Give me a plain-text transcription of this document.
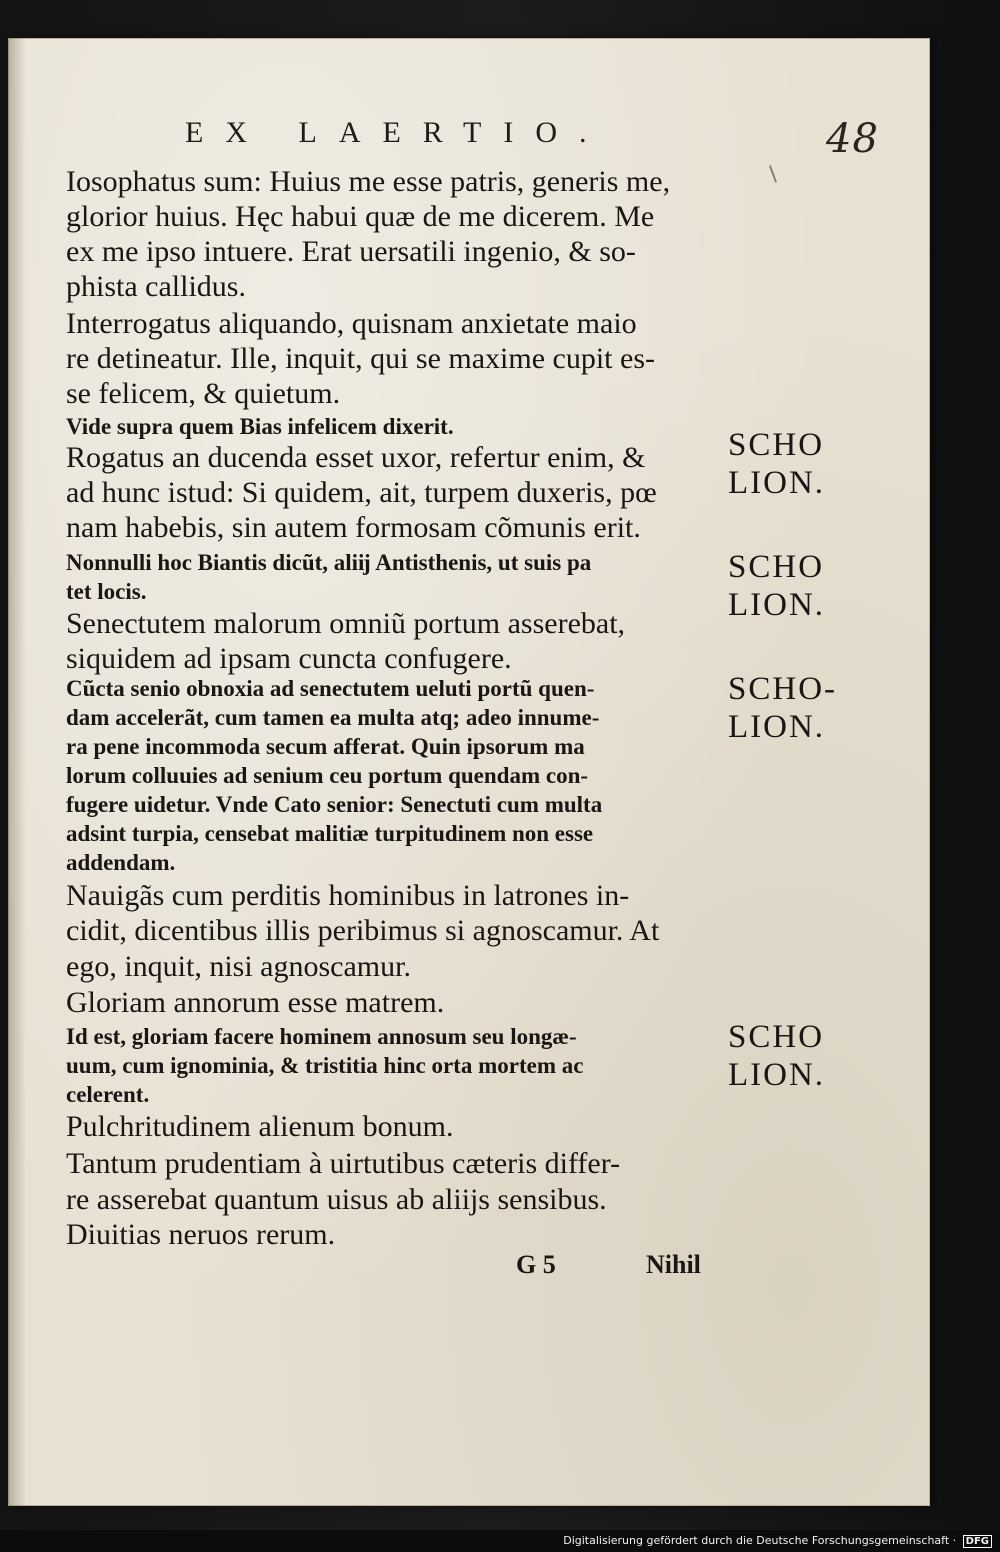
48
EX LAERTIO.
Iosophatus sum: Huius me esse patris, generis me,
glorior huius. Hęc habui quæ de me dicerem. Me
ex me ipso intuere. Erat uersatili ingenio, & so-
phista callidus.
Interrogatus aliquando, quisnam anxietate maio
re detineatur. Ille, inquit, qui se maxime cupit es-
se felicem, & quietum.
Vide supra quem Bias infelicem dixerit.
Rogatus an ducenda esset uxor, refertur enim, &
ad hunc istud: Si quidem, ait, turpem duxeris, pœ
nam habebis, sin autem formosam cõmunis erit.
Nonnulli hoc Biantis dicũt, aliĳ Antisthenis, ut suis pa
tet locis.
Senectutem malorum omniũ portum asserebat,
siquidem ad ipsam cuncta confugere.
Cũcta senio obnoxia ad senectutem ueluti portũ quen-
dam accelerãt, cum tamen ea multa atq; adeo innume-
ra pene incommoda secum afferat. Quin ipsorum ma
lorum colluuies ad senium ceu portum quendam con-
fugere uidetur. Vnde Cato senior: Senectuti cum multa
adsint turpia, censebat malitiæ turpitudinem non esse
addendam.
Nauigãs cum perditis hominibus in latrones in-
cidit, dicentibus illis peribimus si agnoscamur. At
ego, inquit, nisi agnoscamur.
Gloriam annorum esse matrem.
Id est, gloriam facere hominem annosum seu longæ-
uum, cum ignominia, & tristitia hinc orta mortem ac
celerent.
Pulchritudinem alienum bonum.
Tantum prudentiam à uirtutibus cæteris differ-
re asserebat quantum uisus ab aliĳs sensibus.
Diuitias neruos rerum.
SCHO
LION.
SCHO
LION.
SCHO-
LION.
SCHO
LION.
G 5	Nihil
Digitalisierung gefördert durch die Deutsche Forschungsgemeinschaft · DFG
